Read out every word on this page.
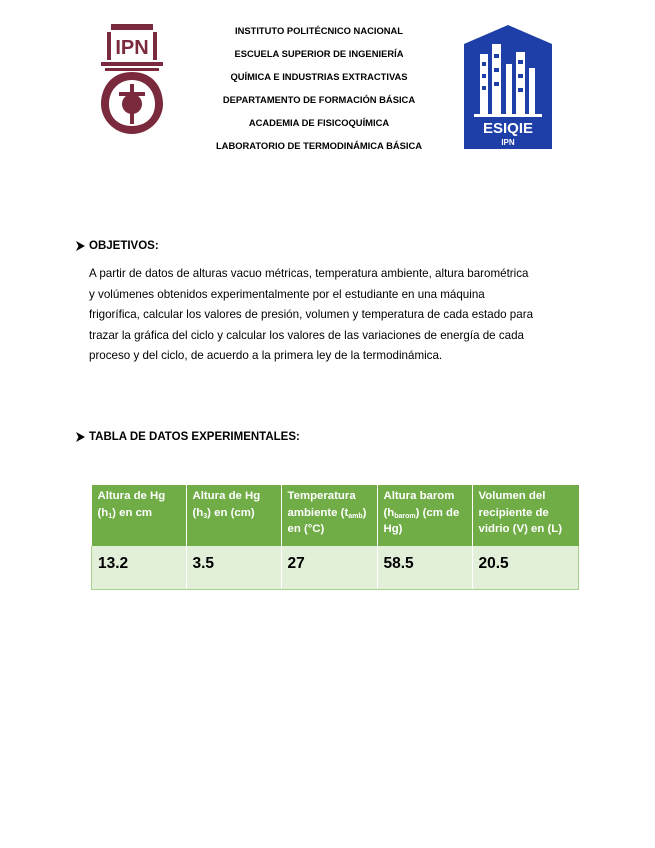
IPN
INSTITUTO POLITÉCNICO NACIONAL
ESCUELA SUPERIOR DE INGENIERÍA
QUÍMICA E INDUSTRIAS EXTRACTIVAS
DEPARTAMENTO DE FORMACIÓN BÁSICA
ACADEMIA DE FISICOQUÍMICA
LABORATORIO DE TERMODINÁMICA BÁSICA
ESIQIE
IPN
OBJETIVOS:
A partir de datos de alturas vacuo métricas, temperatura ambiente, altura barométrica
y volúmenes obtenidos experimentalmente por el estudiante en una máquina
frigorífica, calcular los valores de presión, volumen y temperatura de cada estado para
trazar la gráfica del ciclo y calcular los valores de las variaciones de energía de cada
proceso y del ciclo, de acuerdo a la primera ley de la termodinámica.
TABLA DE DATOS EXPERIMENTALES:
Altura de Hg $(h_1)$ en cm	Altura de Hg $(h_3)$ en (cm)	Temperatura ambiente $(t_{amb})$ en (°C)	Altura barom $(h_{barom})$ (cm de Hg)	Volumen del recipiente de vidrio (V) en (L)
13.2	3.5	27	58.5	20.5
